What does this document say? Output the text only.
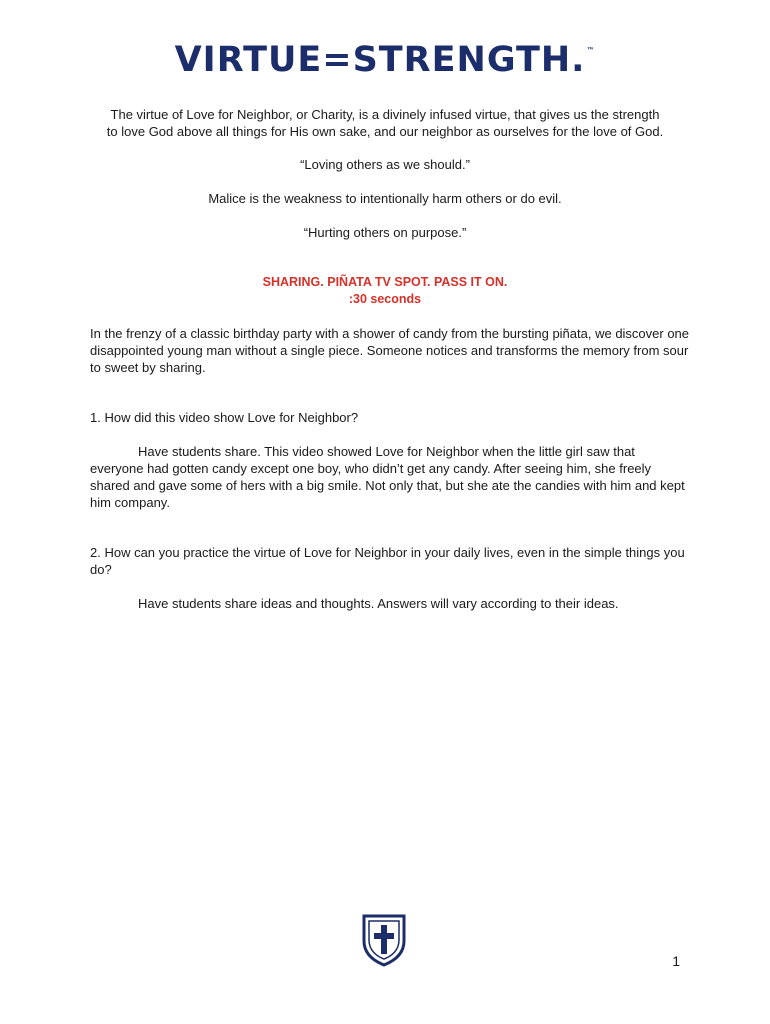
VIRTUE=STRENGTH.™
The virtue of Love for Neighbor, or Charity, is a divinely infused virtue, that gives us the strength
to love God above all things for His own sake, and our neighbor as ourselves for the love of God.
“Loving others as we should.”
Malice is the weakness to intentionally harm others or do evil.
“Hurting others on purpose.”
SHARING. PIÑATA TV SPOT. PASS IT ON.
:30 seconds
In the frenzy of a classic birthday party with a shower of candy from the bursting piñata, we discover one disappointed young man without a single piece. Someone notices and transforms the memory from sour to sweet by sharing.
1. How did this video show Love for Neighbor?
Have students share. This video showed Love for Neighbor when the little girl saw that everyone had gotten candy except one boy, who didn’t get any candy. After seeing him, she freely shared and gave some of hers with a big smile. Not only that, but she ate the candies with him and kept him company.
2. How can you practice the virtue of Love for Neighbor in your daily lives, even in the simple things you do?
Have students share ideas and thoughts. Answers will vary according to their ideas.
1
